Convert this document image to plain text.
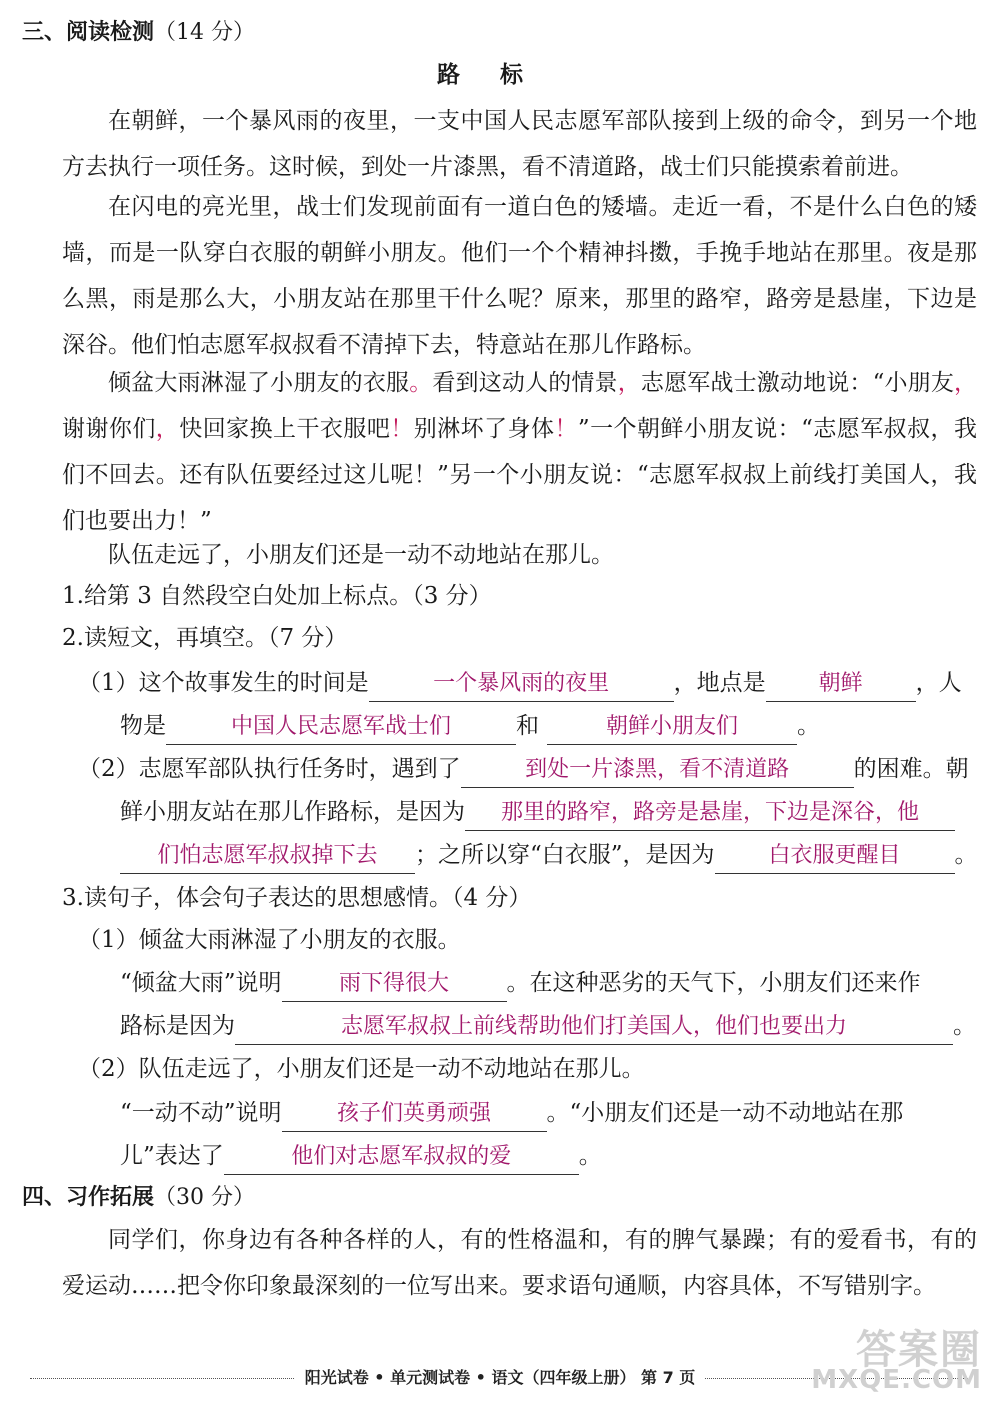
三、阅读检测（14 分）
路标
在朝鲜，一个暴风雨的夜里，一支中国人民志愿军部队接到上级的命令，到另一个地方去执行一项任务。这时候，到处一片漆黑，看不清道路，战士们只能摸索着前进。
在闪电的亮光里，战士们发现前面有一道白色的矮墙。走近一看，不是什么白色的矮墙，而是一队穿白衣服的朝鲜小朋友。他们一个个精神抖擞，手挽手地站在那里。夜是那么黑，雨是那么大，小朋友站在那里干什么呢？原来，那里的路窄，路旁是悬崖，下边是深谷。他们怕志愿军叔叔看不清掉下去，特意站在那儿作路标。
倾盆大雨淋湿了小朋友的衣服。看到这动人的情景，志愿军战士激动地说：“小朋友，谢谢你们，快回家换上干衣服吧！别淋坏了身体！”一个朝鲜小朋友说：“志愿军叔叔，我们不回去。还有队伍要经过这儿呢！”另一个小朋友说：“志愿军叔叔上前线打美国人，我们也要出力！”
队伍走远了，小朋友们还是一动不动地站在那儿。
1.给第 3 自然段空白处加上标点。（3 分）
2.读短文，再填空。（7 分）
（1）这个故事发生的时间是	一个暴风雨的夜里	，地点是 朝鲜 ，人
物是	中国人民志愿军战士们	和	朝鲜小朋友们	。
（2）志愿军部队执行任务时，遇到了	到处一片漆黑，看不清道路	的困难。朝
鲜小朋友站在那儿作路标，是因为 那里的路窄，路旁是悬崖，下边是深谷，他
们怕志愿军叔叔掉下去 ；之所以穿“白衣服”，是因为 白衣服更醒目 。
3.读句子，体会句子表达的思想感情。（4 分）
（1）倾盆大雨淋湿了小朋友的衣服。
“倾盆大雨”说明	雨下得很大	。在这种恶劣的天气下，小朋友们还来作
路标是因为	志愿军叔叔上前线帮助他们打美国人，他们也要出力	。
（2）队伍走远了，小朋友们还是一动不动地站在那儿。
“一动不动”说明	孩子们英勇顽强 。“小朋友们还是一动不动地站在那
儿”表达了	他们对志愿军叔叔的爱	。
四、习作拓展（30 分）
同学们，你身边有各种各样的人，有的性格温和，有的脾气暴躁；有的爱看书，有的爱运动……把令你印象最深刻的一位写出来。要求语句通顺，内容具体，不写错别字。
阳光试卷 • 单元测试卷 • 语文（四年级上册） 第 7 页
答案圈
MXQE.COM
